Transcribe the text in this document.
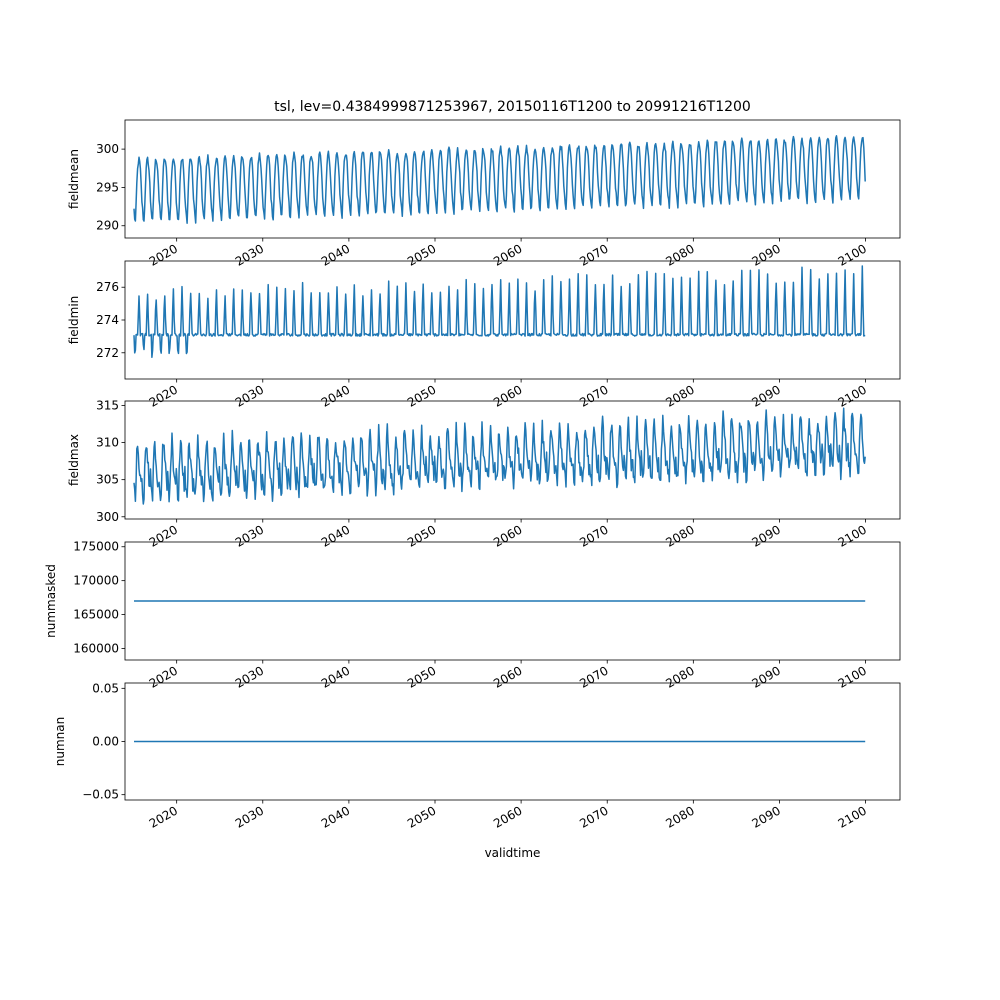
tsl, lev=0.4384999871253967, 20150116T1200 to 20991216T1200
290
295
300
2020	2030	2040	2050	2060	2070	2080	2090	2100
fieldmean
272
274
276
2020	2030	2040	2050	2060	2070	2080	2090	2100
fieldmin
300
305
310
315
2020	2030	2040	2050	2060	2070	2080	2090	2100
fieldmax
160000
165000
170000
175000
2020	2030	2040	2050	2060	2070	2080	2090	2100
nummasked
−0.05
0.00
0.05
2020	2030	2040	2050	2060	2070	2080	2090	2100
numnan
validtime
